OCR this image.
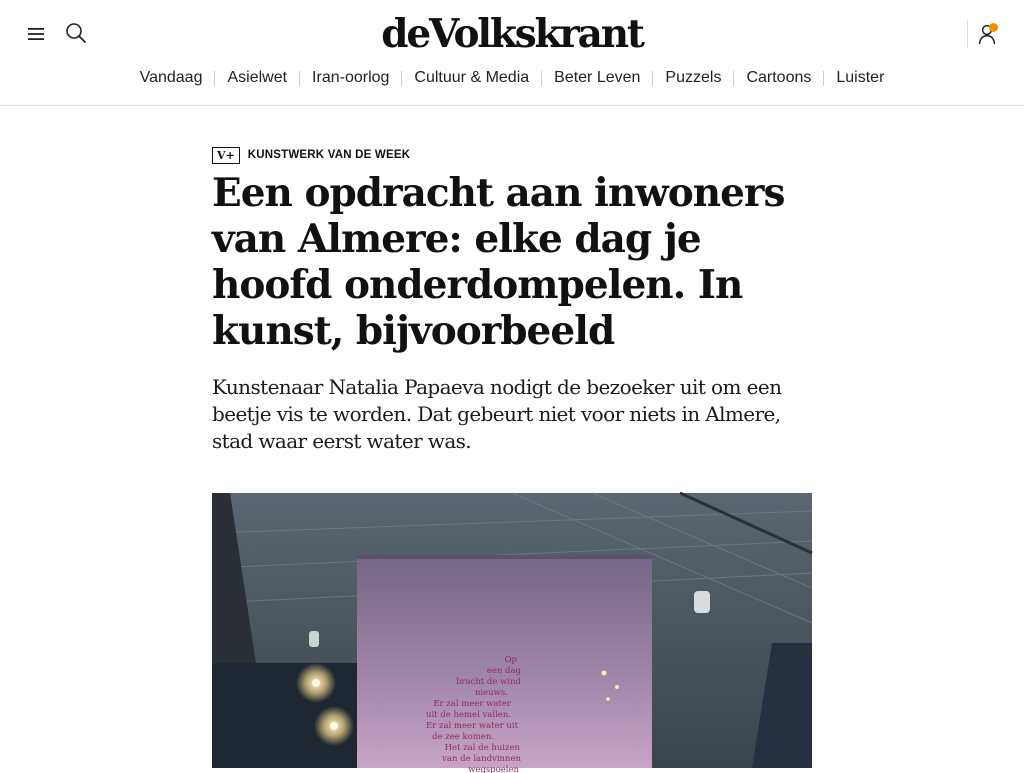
deVolkskrant
Vandaag	Asielwet	Iran-oorlog	Cultuur & Media	Beter Leven	Puzzels	Cartoons	Luister
V+	KUNSTWERK VAN DE WEEK
Een opdracht aan inwoners van Almere: elke dag je hoofd onderdompelen. In kunst, bijvoorbeeld

Kunstenaar Natalia Papaeva nodigt de bezoeker uit om een beetje vis te worden. Dat gebeurt niet voor niets in Almere, stad waar eerst water was.

Op
een dag
bracht de wind
nieuws.
Er zal meer water
uit de hemel vallen.
Er zal meer water uit
de zee komen.
Het zal de huizen
van de landvinnen
wegspoelen
